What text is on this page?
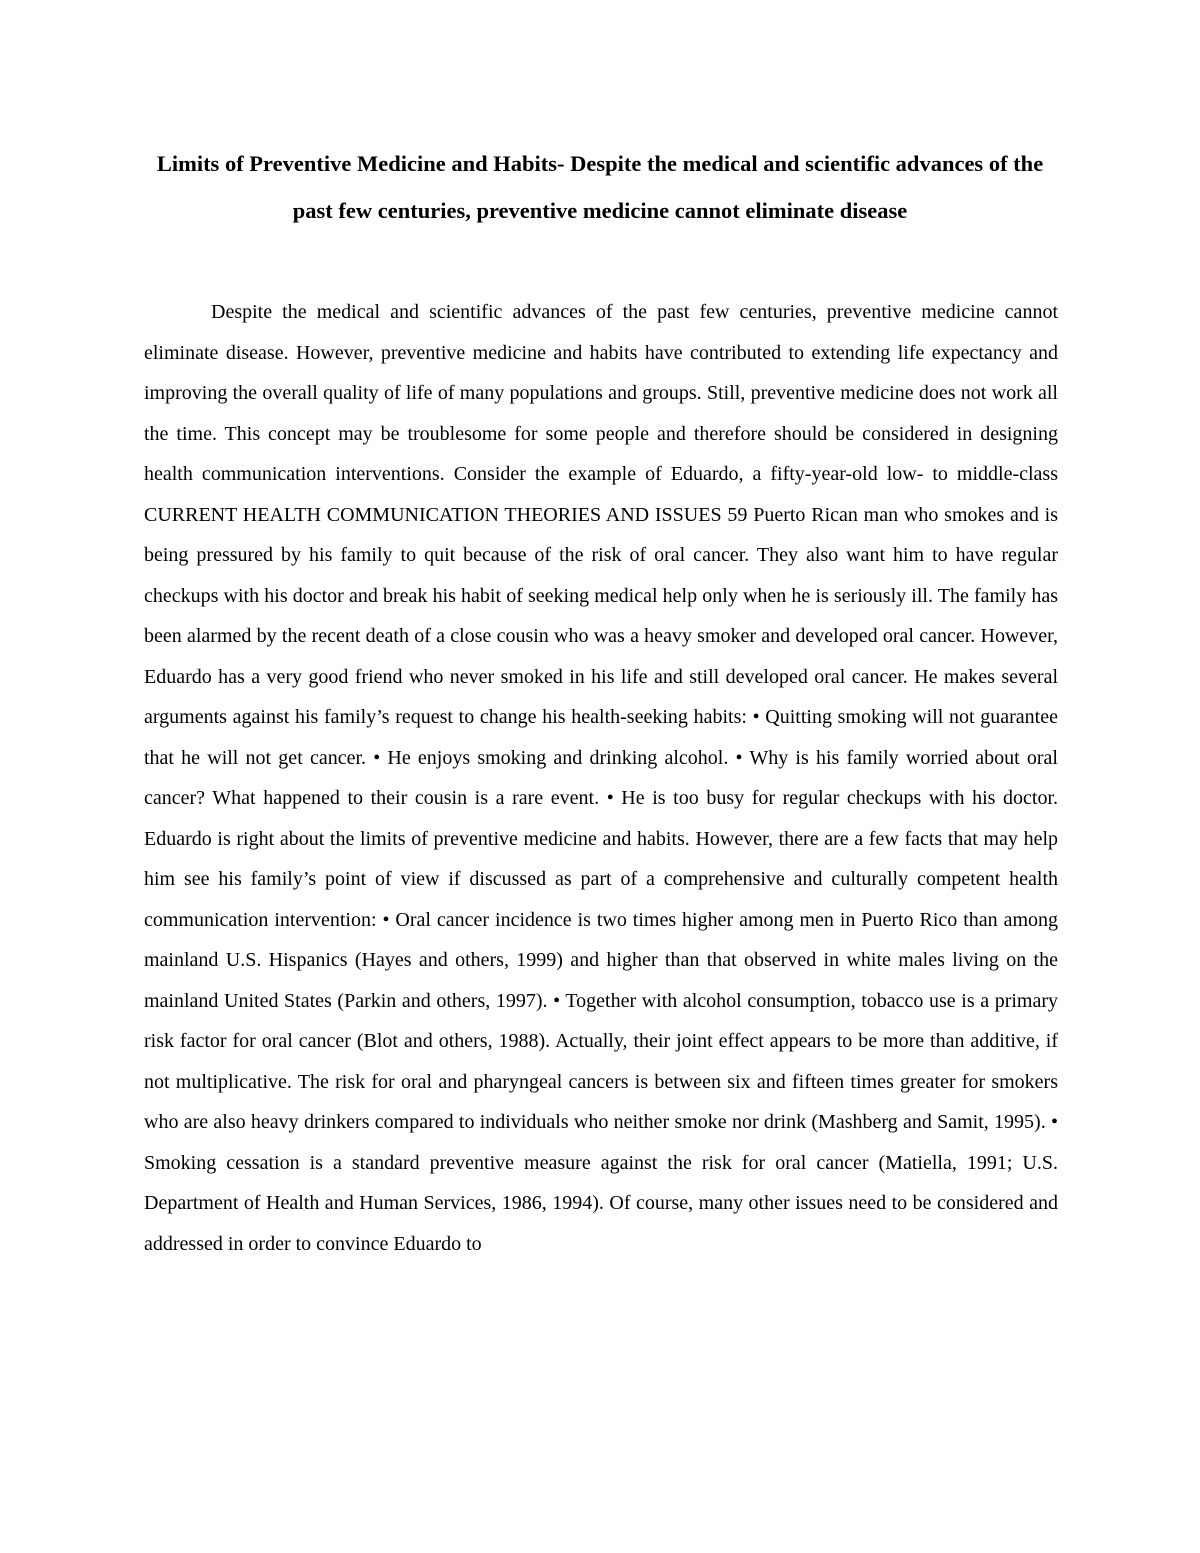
Limits of Preventive Medicine and Habits- Despite the medical and scientific advances of the past few centuries, preventive medicine cannot eliminate disease

Despite the medical and scientific advances of the past few centuries, preventive medicine cannot eliminate disease. However, preventive medicine and habits have contributed to extending life expectancy and improving the overall quality of life of many populations and groups. Still, preventive medicine does not work all the time. This concept may be troublesome for some people and therefore should be considered in designing health communication interventions. Consider the example of Eduardo, a fifty-year-old low- to middle-class CURRENT HEALTH COMMUNICATION THEORIES AND ISSUES 59 Puerto Rican man who smokes and is being pressured by his family to quit because of the risk of oral cancer. They also want him to have regular checkups with his doctor and break his habit of seeking medical help only when he is seriously ill. The family has been alarmed by the recent death of a close cousin who was a heavy smoker and developed oral cancer. However, Eduardo has a very good friend who never smoked in his life and still developed oral cancer. He makes several arguments against his family’s request to change his health-seeking habits: • Quitting smoking will not guarantee that he will not get cancer. • He enjoys smoking and drinking alcohol. • Why is his family worried about oral cancer? What happened to their cousin is a rare event. • He is too busy for regular checkups with his doctor. Eduardo is right about the limits of preventive medicine and habits. However, there are a few facts that may help him see his family’s point of view if discussed as part of a comprehensive and culturally competent health communication intervention: • Oral cancer incidence is two times higher among men in Puerto Rico than among mainland U.S. Hispanics (Hayes and others, 1999) and higher than that observed in white males living on the mainland United States (Parkin and others, 1997). • Together with alcohol consumption, tobacco use is a primary risk factor for oral cancer (Blot and others, 1988). Actually, their joint effect appears to be more than additive, if not multiplicative. The risk for oral and pharyngeal cancers is between six and fifteen times greater for smokers who are also heavy drinkers compared to individuals who neither smoke nor drink (Mashberg and Samit, 1995). • Smoking cessation is a standard preventive measure against the risk for oral cancer (Matiella, 1991; U.S. Department of Health and Human Services, 1986, 1994). Of course, many other issues need to be considered and addressed in order to convince Eduardo to
